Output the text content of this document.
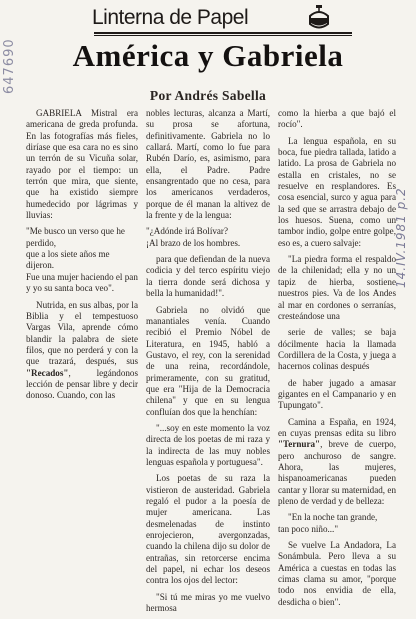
647690
Linterna de Papel
América y Gabriela
Por Andrés Sabella

GABRIELA Mistral era americana de greda profunda. En las fotografías más fieles, diríase que esa cara no es sino un terrón de su Vicuña solar, rayado por el tiempo: un terrón que mira, que siente, que ha existido siempre humedecido por lágrimas y lluvias:

"Me busco un verso que he perdido,
que a los siete años me dijeron.
Fue una mujer haciendo el pan
y yo su santa boca veo".

Nutrida, en sus albas, por la Biblia y el tempestuoso Vargas Vila, aprende cómo blandir la palabra de siete filos, que no perderá y con la que trazará, después, sus "Recados", legándonos lección de pensar libre y decir donoso. Cuando, con las

nobles lecturas, alcanza a Martí, su prosa se afortuna, definitivamente. Gabriela no lo callará. Martí, como lo fue para Rubén Darío, es, asimismo, para ella, el Padre. Padre ensangrentado que no cesa, para los americanos verdaderos, porque de él manan la altivez de la frente y de la lengua:

"¿Adónde irá Bolívar?
¡Al brazo de los hombres.

para que defiendan de la nueva codicia y del terco espíritu viejo la tierra donde será dichosa y bella la humanidad!".

Gabriela no olvidó que manantiales venía. Cuando recibió el Premio Nóbel de Literatura, en 1945, habló a Gustavo, el rey, con la serenidad de una reina, recordándole, primeramente, con su gratitud, que era "Hija de la Democracia chilena" y que en su lengua confluían dos que la henchían:

"...soy en este momento la voz directa de los poetas de mi raza y la indirecta de las muy nobles lenguas española y portuguesa".

Los poetas de su raza la vistieron de austeridad. Gabriela regaló el pudor a la poesía de mujer americana. Las desmelenadas de instinto enrojecieron, avergonzadas, cuando la chilena dijo su dolor de entrañas, sin retorcerse encima del papel, ni echar los deseos contra los ojos del lector:

"Si tú me miras yo me vuelvo hermosa

como la hierba a que bajó el rocío".

La lengua española, en su boca, fue piedra tallada, latido a latido. La prosa de Gabriela no estalla en cristales, no se resuelve en resplandores. Es cosa esencial, surco y agua para la sed que se arrastra debajo de los huesos. Suena, como un tambor indio, golpe entre golpe, eso es, a cuero salvaje:

"La piedra forma el respaldo de la chilenidad; ella y no un tapiz de hierba, sostiene nuestros pies. Va de los Andes al mar en cordones o serranías, cresteándose una

serie de valles; se baja dócilmente hacia la llamada Cordillera de la Costa, y juega a hacernos colinas después

de haber jugado a amasar gigantes en el Campanario y en Tupungato".

Camina a España, en 1924, en cuyas prensas edita su libro "Ternura", breve de cuerpo, pero anchuroso de sangre. Ahora, las mujeres, hispanoamericanas pueden cantar y llorar su maternidad, en pleno de verdad y de belleza:

"En la noche tan grande,
tan poco niño..."

Se vuelve La Andadora, La Sonámbula. Pero lleva a su América a cuestas en todas las cimas clama su amor, "porque todo nos envidia de ella, desdicha o bien".

14.IV.1981 p.2
